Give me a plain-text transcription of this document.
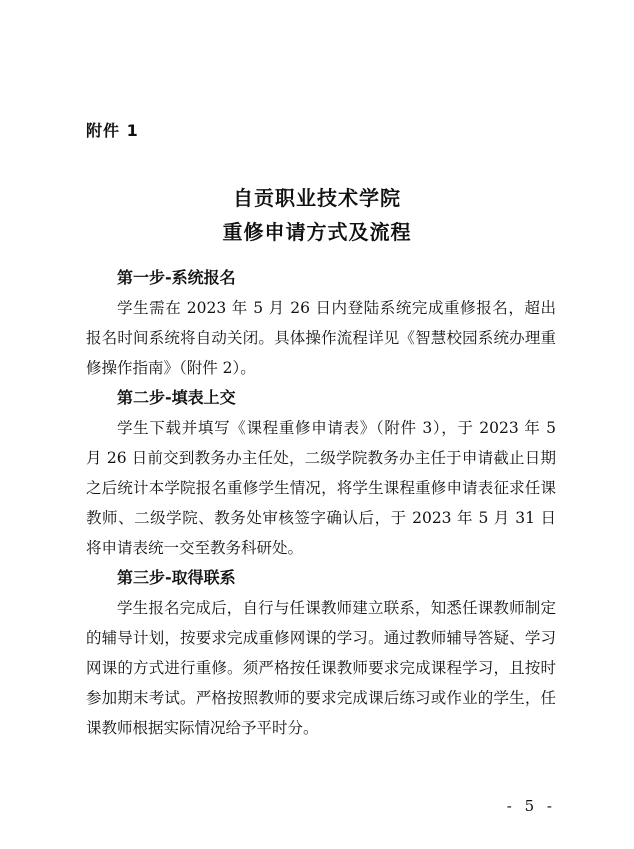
附件 1
自贡职业技术学院
重修申请方式及流程
第一步-系统报名

学生需在 2023 年 5 月 26 日内登陆系统完成重修报名，超出报名时间系统将自动关闭。具体操作流程详见《智慧校园系统办理重修操作指南》（附件 2）。

第二步-填表上交

学生下载并填写《课程重修申请表》（附件 3），于 2023 年 5 月 26 日前交到教务办主任处，二级学院教务办主任于申请截止日期之后统计本学院报名重修学生情况，将学生课程重修申请表征求任课教师、二级学院、教务处审核签字确认后，于 2023 年 5 月 31 日将申请表统一交至教务科研处。

第三步-取得联系

学生报名完成后，自行与任课教师建立联系，知悉任课教师制定的辅导计划，按要求完成重修网课的学习。通过教师辅导答疑、学习网课的方式进行重修。须严格按任课教师要求完成课程学习，且按时参加期末考试。严格按照教师的要求完成课后练习或作业的学生，任课教师根据实际情况给予平时分。

- 5 -
